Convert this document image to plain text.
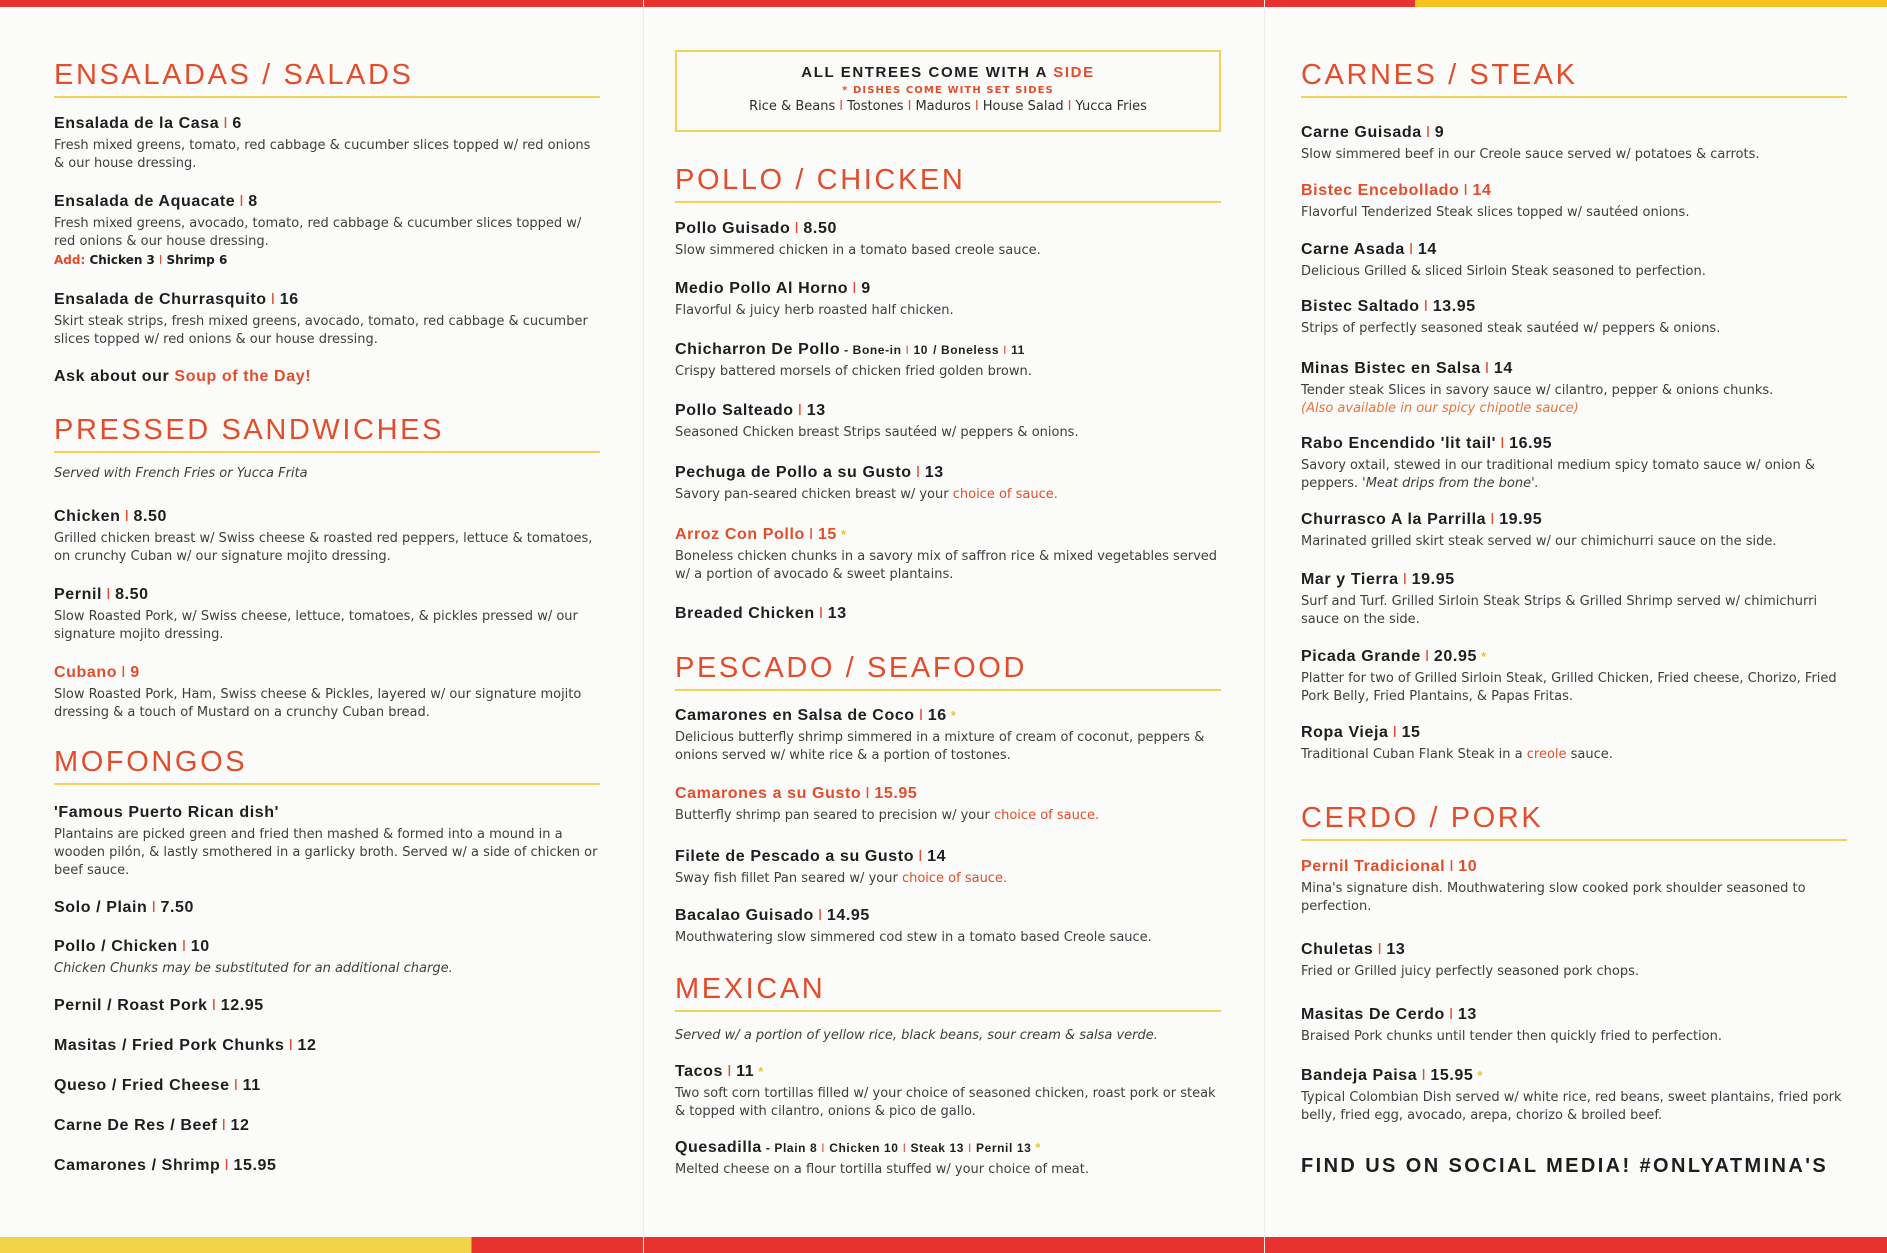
ENSALADAS / SALADS
Ensalada de la Casa I 6
Fresh mixed greens, tomato, red cabbage & cucumber slices topped w/ red onions & our house dressing.
Ensalada de Aquacate I 8
Fresh mixed greens, avocado, tomato, red cabbage & cucumber slices topped w/ red onions & our house dressing.
Add: Chicken 3 I Shrimp 6
Ensalada de Churrasquito I 16
Skirt steak strips, fresh mixed greens, avocado, tomato, red cabbage & cucumber slices topped w/ red onions & our house dressing.
Ask about our Soup of the Day!
PRESSED SANDWICHES
Served with French Fries or Yucca Frita
Chicken I 8.50
Grilled chicken breast w/ Swiss cheese & roasted red peppers, lettuce & tomatoes, on crunchy Cuban w/ our signature mojito dressing.
Pernil I 8.50
Slow Roasted Pork, w/ Swiss cheese, lettuce, tomatoes, & pickles pressed w/ our signature mojito dressing.
Cubano I 9
Slow Roasted Pork, Ham, Swiss cheese & Pickles, layered w/ our signature mojito dressing & a touch of Mustard on a crunchy Cuban bread.
MOFONGOS
'Famous Puerto Rican dish'
Plantains are picked green and fried then mashed & formed into a mound in a wooden pilón, & lastly smothered in a garlicky broth. Served w/ a side of chicken or beef sauce.
Solo / Plain I 7.50
Pollo / Chicken I 10
Chicken Chunks may be substituted for an additional charge.
Pernil / Roast Pork I 12.95
Masitas / Fried Pork Chunks I 12
Queso / Fried Cheese I 11
Carne De Res / Beef I 12
Camarones / Shrimp I 15.95
ALL ENTREES COME WITH A SIDE
* DISHES COME WITH SET SIDES
Rice & Beans I Tostones I Maduros I House Salad I Yucca Fries
POLLO / CHICKEN
Pollo Guisado I 8.50
Slow simmered chicken in a tomato based creole sauce.
Medio Pollo Al Horno I 9
Flavorful & juicy herb roasted half chicken.
Chicharron De Pollo - Bone-in I 10 / Boneless I 11
Crispy battered morsels of chicken fried golden brown.
Pollo Salteado I 13
Seasoned Chicken breast Strips sautéed w/ peppers & onions.
Pechuga de Pollo a su Gusto I 13
Savory pan-seared chicken breast w/ your choice of sauce.
Arroz Con Pollo I 15 *
Boneless chicken chunks in a savory mix of saffron rice & mixed vegetables served w/ a portion of avocado & sweet plantains.
Breaded Chicken I 13
PESCADO / SEAFOOD
Camarones en Salsa de Coco I 16 *
Delicious butterfly shrimp simmered in a mixture of cream of coconut, peppers & onions served w/ white rice & a portion of tostones.
Camarones a su Gusto I 15.95
Butterfly shrimp pan seared to precision w/ your choice of sauce.
Filete de Pescado a su Gusto I 14
Sway fish fillet Pan seared w/ your choice of sauce.
Bacalao Guisado I 14.95
Mouthwatering slow simmered cod stew in a tomato based Creole sauce.
MEXICAN
Served w/ a portion of yellow rice, black beans, sour cream & salsa verde.
Tacos I 11 *
Two soft corn tortillas filled w/ your choice of seasoned chicken, roast pork or steak & topped with cilantro, onions & pico de gallo.
Quesadilla - Plain 8 I Chicken 10 I Steak 13 I Pernil 13 *
Melted cheese on a flour tortilla stuffed w/ your choice of meat.
CARNES / STEAK
Carne Guisada I 9
Slow simmered beef in our Creole sauce served w/ potatoes & carrots.
Bistec Encebollado I 14
Flavorful Tenderized Steak slices topped w/ sautéed onions.
Carne Asada I 14
Delicious Grilled & sliced Sirloin Steak seasoned to perfection.
Bistec Saltado I 13.95
Strips of perfectly seasoned steak sautéed w/ peppers & onions.
Minas Bistec en Salsa I 14
Tender steak Slices in savory sauce w/ cilantro, pepper & onions chunks.
(Also available in our spicy chipotle sauce)
Rabo Encendido 'lit tail' I 16.95
Savory oxtail, stewed in our traditional medium spicy tomato sauce w/ onion & peppers. 'Meat drips from the bone'.
Churrasco A la Parrilla I 19.95
Marinated grilled skirt steak served w/ our chimichurri sauce on the side.
Mar y Tierra I 19.95
Surf and Turf. Grilled Sirloin Steak Strips & Grilled Shrimp served w/ chimichurri sauce on the side.
Picada Grande I 20.95 *
Platter for two of Grilled Sirloin Steak, Grilled Chicken, Fried cheese, Chorizo, Fried Pork Belly, Fried Plantains, & Papas Fritas.
Ropa Vieja I 15
Traditional Cuban Flank Steak in a creole sauce.
CERDO / PORK
Pernil Tradicional I 10
Mina's signature dish. Mouthwatering slow cooked pork shoulder seasoned to perfection.
Chuletas I 13
Fried or Grilled juicy perfectly seasoned pork chops.
Masitas De Cerdo I 13
Braised Pork chunks until tender then quickly fried to perfection.
Bandeja Paisa I 15.95 *
Typical Colombian Dish served w/ white rice, red beans, sweet plantains, fried pork belly, fried egg, avocado, arepa, chorizo & broiled beef.
FIND US ON SOCIAL MEDIA! #ONLYATMINA'S
